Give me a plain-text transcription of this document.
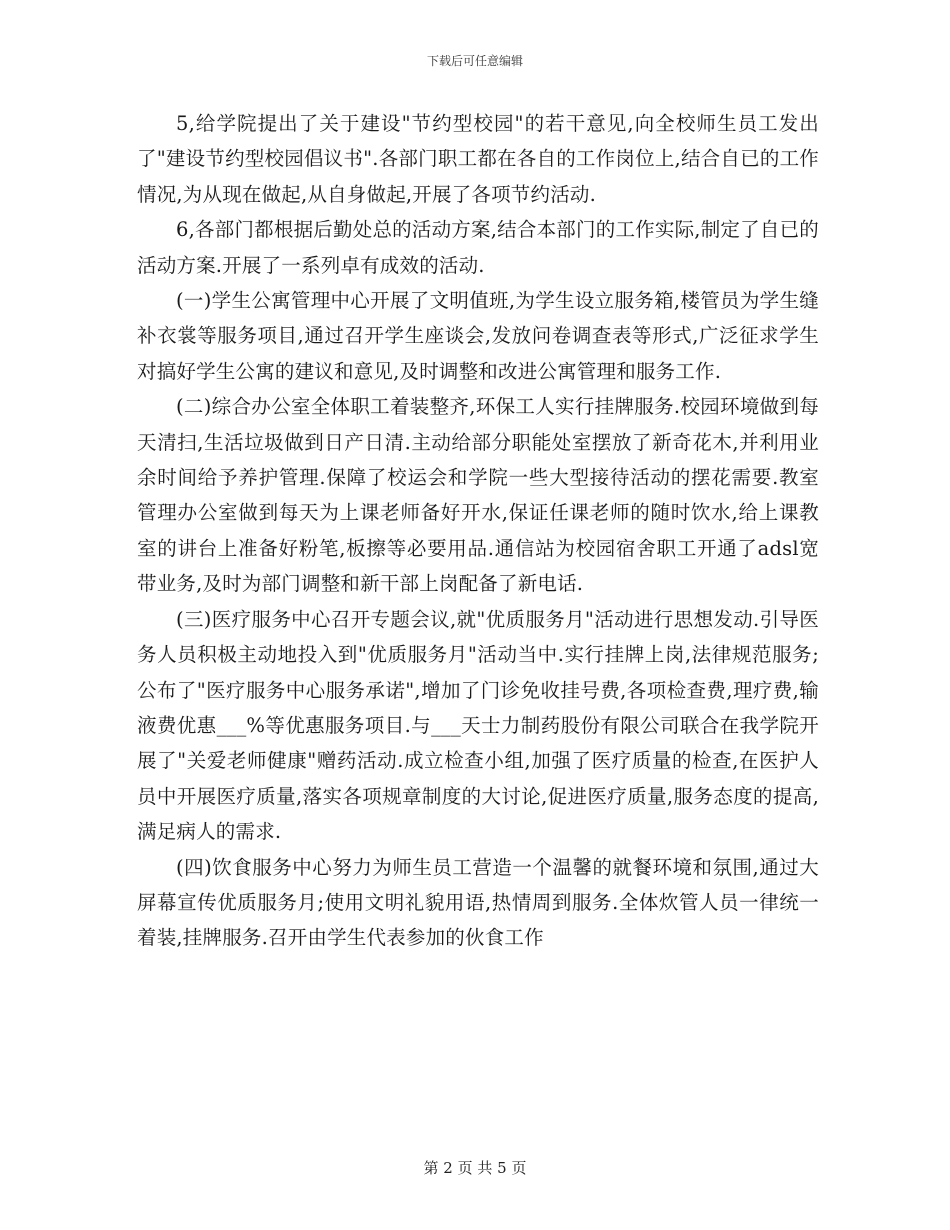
下载后可任意编辑

5,给学院提出了关于建设"节约型校园"的若干意见,向全校师生员工发出了"建设节约型校园倡议书".各部门职工都在各自的工作岗位上,结合自已的工作情况,为从现在做起,从自身做起,开展了各项节约活动.

6,各部门都根据后勤处总的活动方案,结合本部门的工作实际,制定了自已的活动方案.开展了一系列卓有成效的活动.

(一)学生公寓管理中心开展了文明值班,为学生设立服务箱,楼管员为学生缝补衣裳等服务项目,通过召开学生座谈会,发放问卷调查表等形式,广泛征求学生对搞好学生公寓的建议和意见,及时调整和改进公寓管理和服务工作.

(二)综合办公室全体职工着装整齐,环保工人实行挂牌服务.校园环境做到每天清扫,生活垃圾做到日产日清.主动给部分职能处室摆放了新奇花木,并利用业余时间给予养护管理.保障了校运会和学院一些大型接待活动的摆花需要.教室管理办公室做到每天为上课老师备好开水,保证任课老师的随时饮水,给上课教室的讲台上准备好粉笔,板擦等必要用品.通信站为校园宿舍职工开通了adsl宽带业务,及时为部门调整和新干部上岗配备了新电话.

(三)医疗服务中心召开专题会议,就"优质服务月"活动进行思想发动.引导医务人员积极主动地投入到"优质服务月"活动当中.实行挂牌上岗,法律规范服务;公布了"医疗服务中心服务承诺",增加了门诊免收挂号费,各项检查费,理疗费,输液费优惠___%等优惠服务项目.与___天士力制药股份有限公司联合在我学院开展了"关爱老师健康"赠药活动.成立检查小组,加强了医疗质量的检查,在医护人员中开展医疗质量,落实各项规章制度的大讨论,促进医疗质量,服务态度的提高,满足病人的需求.

(四)饮食服务中心努力为师生员工营造一个温馨的就餐环境和氛围,通过大屏幕宣传优质服务月;使用文明礼貌用语,热情周到服务.全体炊管人员一律统一着装,挂牌服务.召开由学生代表参加的伙食工作

第 2 页 共 5 页
